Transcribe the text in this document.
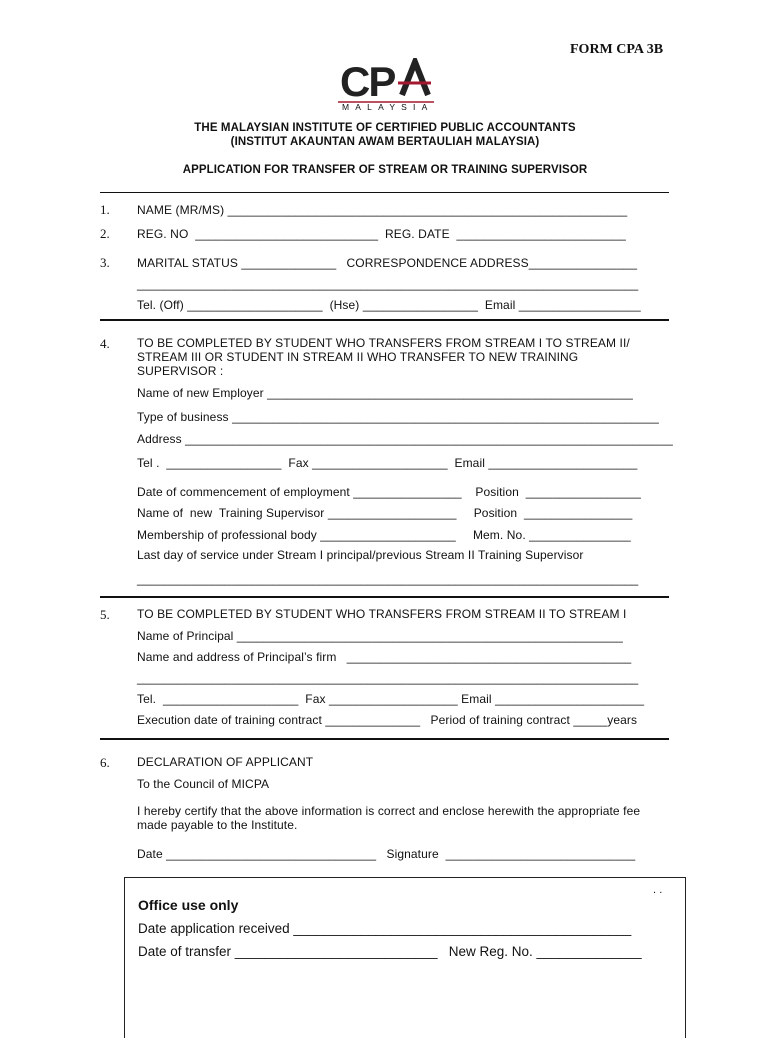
FORM CPA 3B
CP
MALAYSIA
THE MALAYSIAN INSTITUTE OF CERTIFIED PUBLIC ACCOUNTANTS
(INSTITUT AKAUNTAN AWAM BERTAULIAH MALAYSIA)
APPLICATION FOR TRANSFER OF STREAM OR TRAINING SUPERVISOR
1. NAME (MR/MS) ___________________________________________________________
2. REG. NO  ___________________________  REG. DATE  _________________________
3. MARITAL STATUS ______________   CORRESPONDENCE ADDRESS________________
__________________________________________________________________________
Tel. (Off) ____________________  (Hse) _________________  Email __________________
4. TO BE COMPLETED BY STUDENT WHO TRANSFERS FROM STREAM I TO STREAM II/
STREAM III OR STUDENT IN STREAM II WHO TRANSFER TO NEW TRAINING
SUPERVISOR :
Name of new Employer ______________________________________________________
Type of business _______________________________________________________________
Address ________________________________________________________________________
Tel .  _________________  Fax ____________________  Email ______________________
Date of commencement of employment ________________    Position  _________________
Name of  new  Training Supervisor ___________________     Position  ________________
Membership of professional body ____________________     Mem. No. _______________
Last day of service under Stream I principal/previous Stream II Training Supervisor
__________________________________________________________________________
5. TO BE COMPLETED BY STUDENT WHO TRANSFERS FROM STREAM II TO STREAM I
Name of Principal _________________________________________________________
Name and address of Principal’s firm   __________________________________________
__________________________________________________________________________
Tel.  ____________________  Fax ___________________ Email ______________________
Execution date of training contract ______________   Period of training contract _____years
6. DECLARATION OF APPLICANT
To the Council of MICPA
I hereby certify that the above information is correct and enclose herewith the appropriate fee
made payable to the Institute.
Date _______________________________   Signature  ____________________________
. .
Office use only
Date application received _____________________________________________
Date of transfer ___________________________   New Reg. No. ______________
